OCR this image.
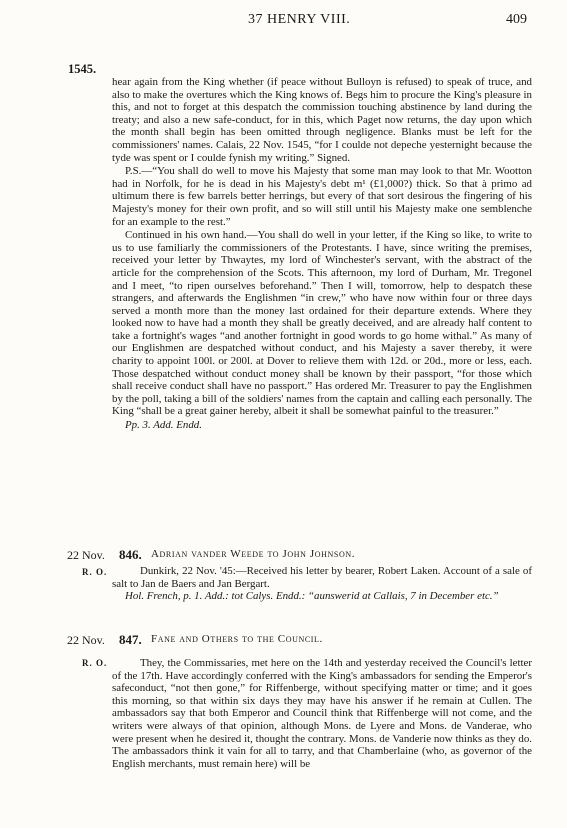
37 HENRY VIII.	409
1545.

hear again from the King whether (if peace without Bulloyn is refused) to speak of truce, and also to make the overtures which the King knows of. Begs him to procure the King's pleasure in this, and not to forget at this despatch the commission touching abstinence by land during the treaty; and also a new safe-conduct, for in this, which Paget now returns, the day upon which the month shall begin has been omitted through negligence. Blanks must be left for the commissioners' names. Calais, 22 Nov. 1545, “for I coulde not depeche yesternight because the tyde was spent or I coulde fynish my writing.” Signed.

P.S.—“You shall do well to move his Majesty that some man may look to that Mr. Wootton had in Norfolk, for he is dead in his Majesty's debt m¹ (£1,000?) thick. So that à primo ad ultimum there is few barrels better herrings, but every of that sort desirous the fingering of his Majesty's money for their own profit, and so will still until his Majesty make one semblenche for an example to the rest.”

Continued in his own hand.—You shall do well in your letter, if the King so like, to write to us to use familiarly the commissioners of the Protestants. I have, since writing the premises, received your letter by Thwaytes, my lord of Winchester's servant, with the abstract of the article for the comprehension of the Scots. This afternoon, my lord of Durham, Mr. Tregonel and I meet, “to ripen ourselves beforehand.” Then I will, tomorrow, help to despatch these strangers, and afterwards the Englishmen “in crew,” who have now within four or three days served a month more than the money last ordained for their departure extends. Where they looked now to have had a month they shall be greatly deceived, and are already half content to take a fortnight's wages “and another fortnight in good words to go home withal.” As many of our Englishmen are despatched without conduct, and his Majesty a saver thereby, it were charity to appoint 100l. or 200l. at Dover to relieve them with 12d. or 20d., more or less, each. Those despatched without conduct money shall be known by their passport, “for those which shall receive conduct shall have no passport.” Has ordered Mr. Treasurer to pay the Englishmen by the poll, taking a bill of the soldiers' names from the captain and calling each personally. The King “shall be a great gainer hereby, albeit it shall be somewhat painful to the treasurer.”

Pp. 3. Add. Endd.
22 Nov. 846. Adrian vander Weede to John Johnson.
R. O.	Dunkirk, 22 Nov. '45:—Received his letter by bearer, Robert Laken. Account of a sale of salt to Jan de Baers and Jan Bergart.

Hol. French, p. 1. Add.: tot Calys. Endd.: “aunswerid at Callais, 7 in December etc.”
22 Nov. 847. Fane and Others to the Council.
R. O.	They, the Commissaries, met here on the 14th and yesterday received the Council's letter of the 17th. Have accordingly conferred with the King's ambassadors for sending the Emperor's safeconduct, “not then gone,” for Riffenberge, without specifying matter or time; and it goes this morning, so that within six days they may have his answer if he remain at Cullen. The ambassadors say that both Emperor and Council think that Riffenberge will not come, and the writers were always of that opinion, although Mons. de Lyere and Mons. de Vanderae, who were present when he desired it, thought the contrary. Mons. de Vanderie now thinks as they do. The ambassadors think it vain for all to tarry, and that Chamberlaine (who, as governor of the English merchants, must remain here) will be
